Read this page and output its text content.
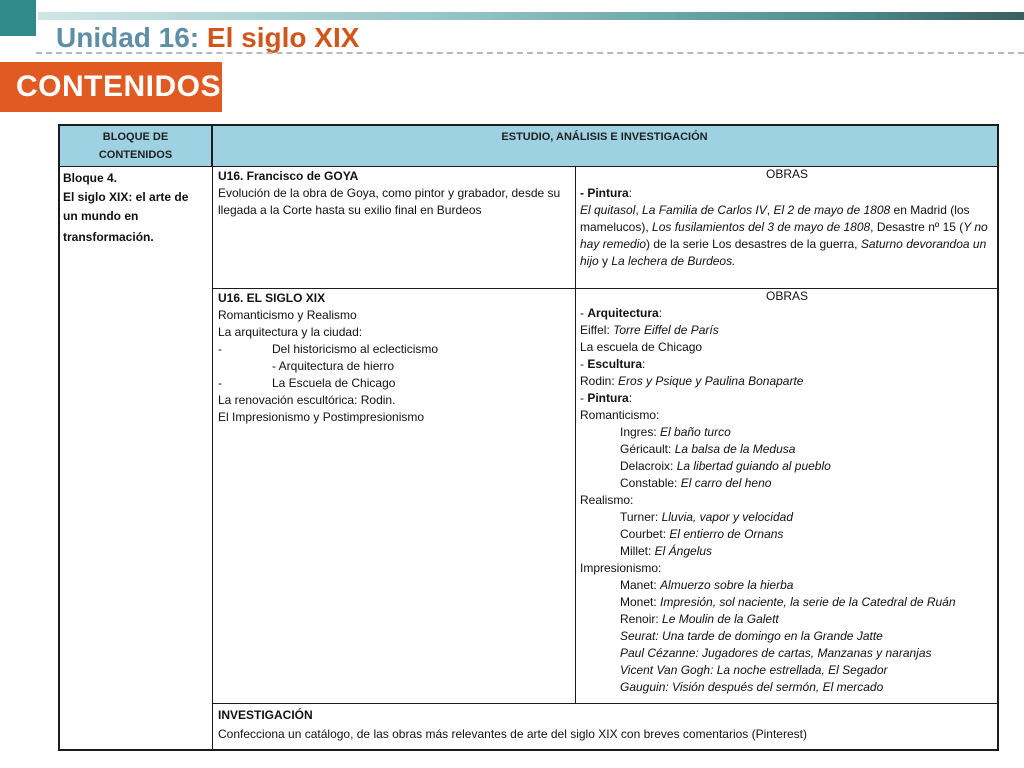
Unidad 16: El siglo XIX
CONTENIDOS
BLOQUE DE
CONTENIDOS
ESTUDIO, ANÁLISIS E INVESTIGACIÓN
Bloque 4.
El siglo XIX: el arte de
un mundo en
transformación.
U16. Francisco de GOYA
Evolución de la obra de Goya, como pintor y grabador, desde su llegada a la Corte hasta su exilio final en Burdeos
OBRAS
- Pintura:
El quitasol, La Familia de Carlos IV, El 2 de mayo de 1808 en Madrid (los mamelucos), Los fusilamientos del 3 de mayo de 1808, Desastre nº 15 (Y no hay remedio) de la serie Los desastres de la guerra, Saturno devorandoa un hijo y La lechera de Burdeos.
U16. EL SIGLO XIX
Romanticismo y Realismo
La arquitectura y la ciudad:
-	Del historicismo al eclecticismo
- Arquitectura de hierro
-	La Escuela de Chicago
La renovación escultórica: Rodin.
El Impresionismo y Postimpresionismo
OBRAS
- Arquitectura:
Eiffel: Torre Eiffel de París
La escuela de Chicago
- Escultura:
Rodin: Eros y Psique y Paulina Bonaparte
- Pintura:
Romanticismo:
Ingres: El baño turco
Géricault: La balsa de la Medusa
Delacroix: La libertad guiando al pueblo
Constable: El carro del heno
Realismo:
Turner: Lluvia, vapor y velocidad
Courbet: El entierro de Ornans
Millet: El Ángelus
Impresionismo:
Manet: Almuerzo sobre la hierba
Monet: Impresión, sol naciente, la serie de la Catedral de Ruán
Renoir: Le Moulin de la Galett
Seurat: Una tarde de domingo en la Grande Jatte
Paul Cézanne: Jugadores de cartas, Manzanas y naranjas
Vicent Van Gogh: La noche estrellada, El Segador
Gauguin: Visión después del sermón, El mercado
INVESTIGACIÓN
Confecciona un catálogo, de las obras más relevantes de arte del siglo XIX con breves comentarios (Pinterest)
